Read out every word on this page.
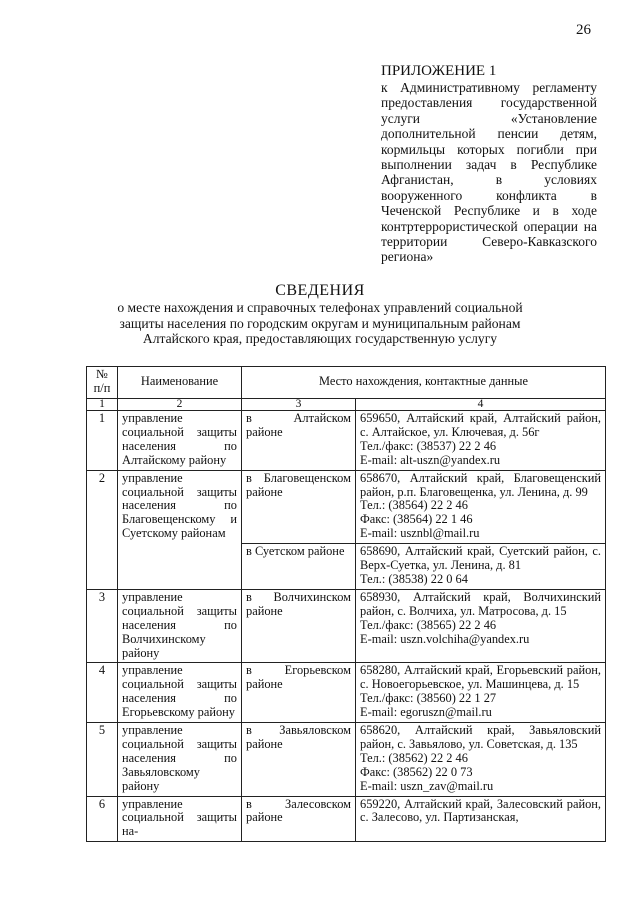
26
ПРИЛОЖЕНИЕ 1
к Административному регламенту предоставления государственной услуги «Установление дополнительной пенсии детям, кормильцы которых погибли при выполнении задач в Республике Афганистан, в условиях вооруженного конфликта в Чеченской Республике и в ходе контртеррористической операции на территории Северо-Кавказского региона»
СВЕДЕНИЯ
о месте нахождения и справочных телефонах управлений социальной защиты населения по городским округам и муниципальным районам Алтайского края, предоставляющих государственную услугу
№ п/п	Наименование	Место нахождения, контактные данные	
1	2	3	4
1	управление социальной защиты населения по Алтайскому району	в Алтайском районе	659650, Алтайский край, Алтайский район, с. Алтайское, ул. Ключевая, д. 56г
Тел./факс: (38537) 22 2 46
E-mail: alt-uszn@yandex.ru

2	управление социальной защиты населения по Благовещенскому и Суетскому районам	в Благовещенском районе	658670, Алтайский край, Благовещенский район, р.п. Благовещенка, ул. Ленина, д. 99
Тел.: (38564) 22 2 46
Факс: (38564) 22 1 46
E-mail: usznbl@mail.ru

		в Суетском районе	658690, Алтайский край, Суетский район, с. Верх-Суетка, ул. Ленина, д. 81
Тел.: (38538) 22 0 64

3	управление социальной защиты населения по Волчихинскому району	в Волчихинском районе	658930, Алтайский край, Волчихинский район, с. Волчиха, ул. Матросова, д. 15
Тел./факс: (38565) 22 2 46
E-mail: uszn.volchiha@yandex.ru

4	управление социальной защиты населения по Егорьевскому району	в Егорьевском районе	658280, Алтайский край, Егорьевский район, с. Новоегорьевское, ул. Машинцева, д. 15
Тел./факс: (38560) 22 1 27
E-mail: egoruszn@mail.ru

5	управление социальной защиты населения по Завьяловскому району	в Завьяловском районе	658620, Алтайский край, Завьяловский район, с. Завьялово, ул. Советская, д. 135
Тел.: (38562) 22 2 46
Факс: (38562) 22 0 73
E-mail: uszn_zav@mail.ru

6	управление социальной защиты на-	в Залесовском районе	659220, Алтайский край, Залесовский район, с. Залесово, ул. Партизанская,
